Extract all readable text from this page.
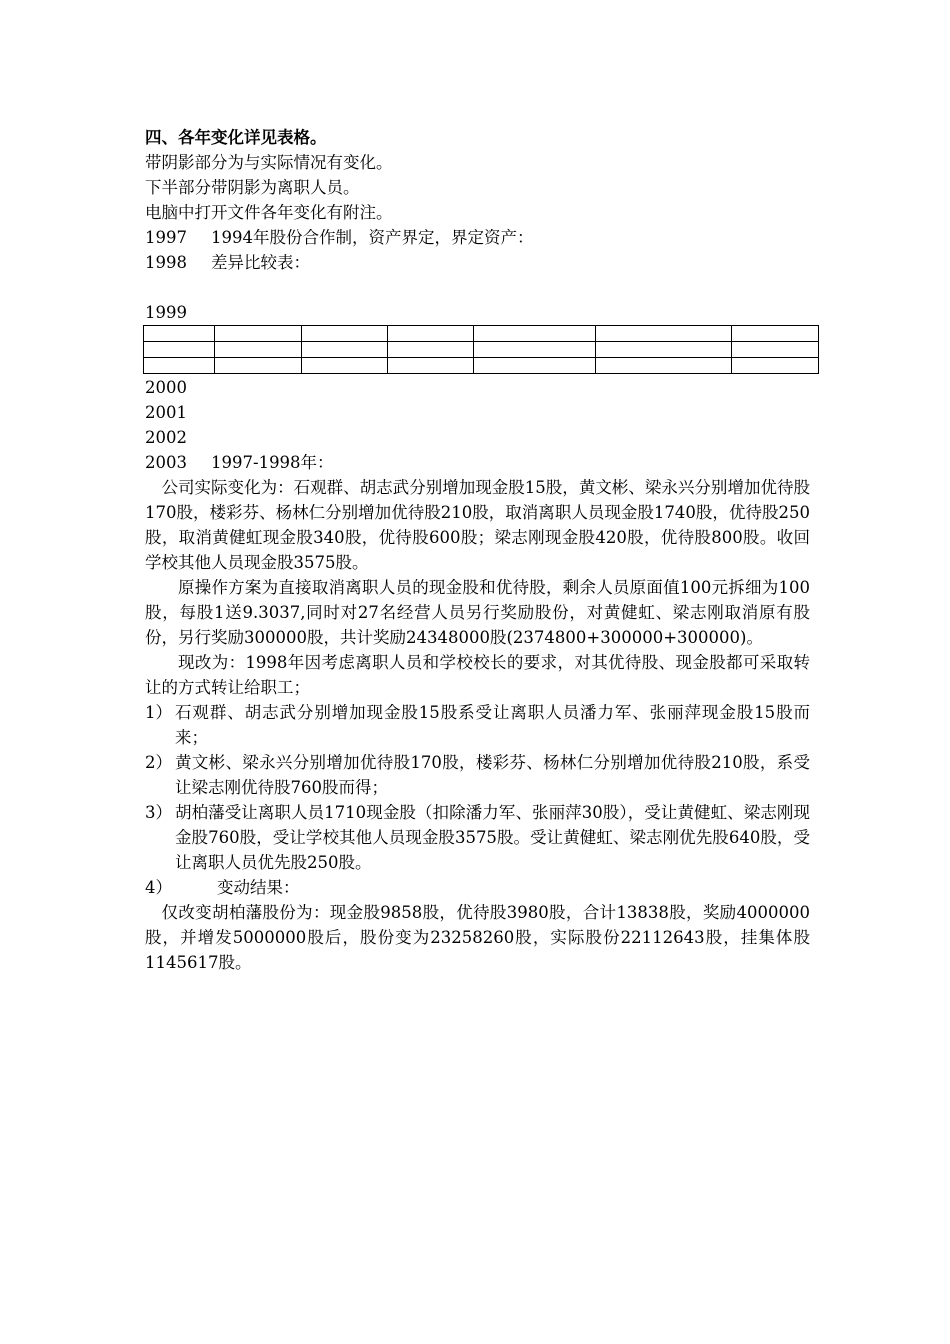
四、各年变化详见表格。
带阴影部分为与实际情况有变化。
下半部分带阴影为离职人员。
电脑中打开文件各年变化有附注。
1997 1994年股份合作制，资产界定，界定资产：
1998 差异比较表：
1999

2000
2001
2002
2003 1997-1998年：
公司实际变化为：石观群、胡志武分别增加现金股15股，黄文彬、梁永兴分别增加优待股170股，楼彩芬、杨林仁分别增加优待股210股，取消离职人员现金股1740股，优待股250股，取消黄健虹现金股340股，优待股600股；梁志刚现金股420股，优待股800股。收回学校其他人员现金股3575股。
原操作方案为直接取消离职人员的现金股和优待股，剩余人员原面值100元拆细为100股，每股1送9.3037,同时对27名经营人员另行奖励股份，对黄健虹、梁志刚取消原有股份，另行奖励300000股，共计奖励24348000股(2374800+300000+300000)。
现改为：1998年因考虑离职人员和学校校长的要求，对其优待股、现金股都可采取转让的方式转让给职工；
1） 石观群、胡志武分别增加现金股15股系受让离职人员潘力军、张丽萍现金股15股而来；
2） 黄文彬、梁永兴分别增加优待股170股，楼彩芬、杨林仁分别增加优待股210股，系受让梁志刚优待股760股而得；
3） 胡柏藩受让离职人员1710现金股（扣除潘力军、张丽萍30股），受让黄健虹、梁志刚现金股760股，受让学校其他人员现金股3575股。受让黄健虹、梁志刚优先股640股，受让离职人员优先股250股。
4）	变动结果：
仅改变胡柏藩股份为：现金股9858股，优待股3980股，合计13838股，奖励4000000股，并增发5000000股后，股份变为23258260股，实际股份22112643股，挂集体股1145617股。
